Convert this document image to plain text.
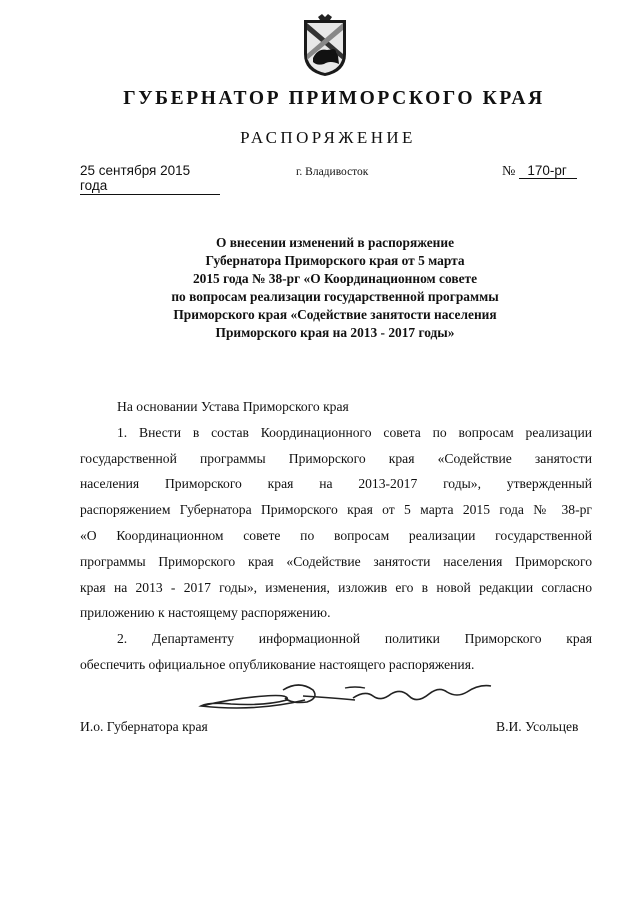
ГУБЕРНАТОР ПРИМОРСКОГО КРАЯ
РАСПОРЯЖЕНИЕ
25 сентября 2015 года
г. Владивосток	№ 170-рг
О внесении изменений в распоряжение
Губернатора Приморского края от 5 марта
2015 года № 38-рг «О Координационном совете
по вопросам реализации государственной программы
Приморского края «Содействие занятости населения
Приморского края на 2013 - 2017 годы»

На основании Устава Приморского края

1. Внести в состав Координационного совета по вопросам реализации

государственной программы Приморского края «Содействие занятости

населения Приморского края на 2013-2017 годы», утвержденный

распоряжением Губернатора Приморского края от 5 марта 2015 года № 38-рг

«О Координационном совете по вопросам реализации государственной

программы Приморского края «Содействие занятости населения Приморского

края на 2013 - 2017 годы», изменения, изложив его в новой редакции согласно

приложению к настоящему распоряжению.

2. Департаменту информационной политики Приморского края

обеспечить официальное опубликование настоящего распоряжения.

И.о. Губернатора края	В.И. Усольцев
